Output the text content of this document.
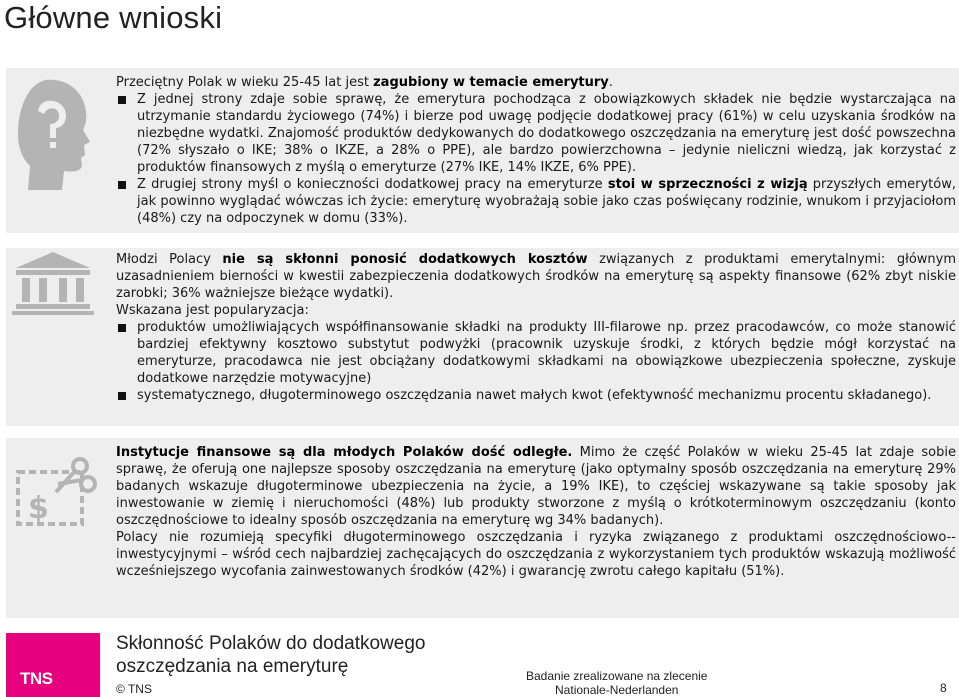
Główne wnioski

Przeciętny Polak w wieku 25-45 lat jest zagubiony w temacie emerytury.

Z jednej strony zdaje sobie sprawę, że emerytura pochodząca z obowiązkowych składek nie będzie wystarczająca na utrzymanie standardu życiowego (74%) i bierze pod uwagę podjęcie dodatkowej pracy (61%) w celu uzyskania środków na niezbędne wydatki. Znajomość produktów dedykowanych do dodatkowego oszczędzania na emeryturę jest dość powszechna (72% słyszało o IKE; 38% o IKZE, a 28% o PPE), ale bardzo powierzchowna – jedynie nieliczni wiedzą, jak korzystać z produktów finansowych z myślą o emeryturze (27% IKE, 14% IKZE, 6% PPE).

Z drugiej strony myśl o konieczności dodatkowej pracy na emeryturze stoi w sprzeczności z wizją przyszłych emerytów, jak powinno wyglądać wówczas ich życie: emeryturę wyobrażają sobie jako czas poświęcany rodzinie, wnukom i przyjaciołom (48%) czy na odpoczynek w domu (33%).

Młodzi Polacy nie są skłonni ponosić dodatkowych kosztów związanych z produktami emerytalnymi: głównym uzasadnieniem bierności w kwestii zabezpieczenia dodatkowych środków na emeryturę są aspekty finansowe (62% zbyt niskie zarobki; 36% ważniejsze bieżące wydatki).

Wskazana jest popularyzacja:

produktów umożliwiających współfinansowanie składki na produkty III-filarowe np. przez pracodawców, co może stanowić bardziej efektywny kosztowo substytut podwyżki (pracownik uzyskuje środki, z których będzie mógł korzystać na emeryturze, pracodawca nie jest obciążany dodatkowymi składkami na obowiązkowe ubezpieczenia społeczne, zyskuje dodatkowe narzędzie motywacyjne)

systematycznego, długoterminowego oszczędzania nawet małych kwot (efektywność mechanizmu procentu składanego).

$

Instytucje finansowe są dla młodych Polaków dość odległe. Mimo że część Polaków w wieku 25-45 lat zdaje sobie sprawę, że oferują one najlepsze sposoby oszczędzania na emeryturę (jako optymalny sposób oszczędzania na emeryturę 29% badanych wskazuje długoterminowe ubezpieczenia na życie, a 19% IKE), to częściej wskazywane są takie sposoby jak inwestowanie w ziemię i nieruchomości (48%) lub produkty stworzone z myślą o krótkoterminowym oszczędzaniu (konto oszczędnościowe to idealny sposób oszczędzania na emeryturę wg 34% badanych).

Polacy nie rozumieją specyfiki długoterminowego oszczędzania i ryzyka związanego z produktami oszczędnościowo--inwestycyjnymi – wśród cech najbardziej zachęcających do oszczędzania z wykorzystaniem tych produktów wskazują możliwość wcześniejszego wycofania zainwestowanych środków (42%) i gwarancję zwrotu całego kapitału (51%).

TNS
Skłonność Polaków do dodatkowego
oszczędzania na emeryturę
© TNS
Badanie zrealizowane na zlecenie
Nationale-Nederlanden	8
